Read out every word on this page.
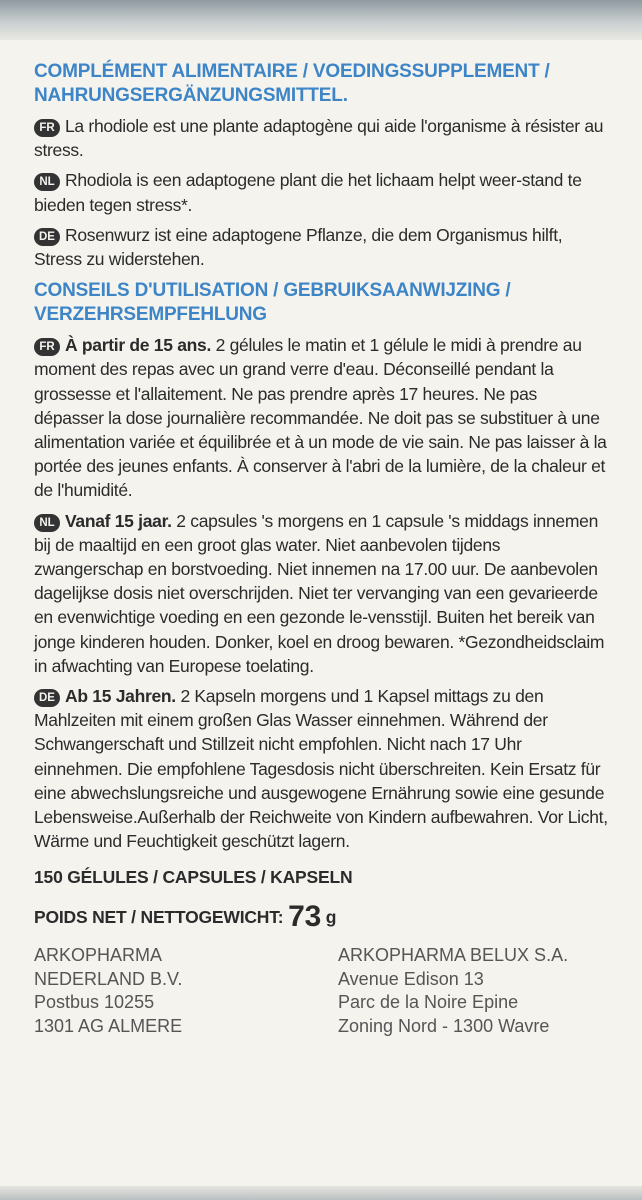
COMPLÉMENT ALIMENTAIRE / VOEDINGSSUPPLEMENT /
NAHRUNGSERGÄNZUNGSMITTEL.
FR La rhodiole est une plante adaptogène qui aide l'organisme à résister au stress.
NL Rhodiola is een adaptogene plant die het lichaam helpt weer-stand te bieden tegen stress*.
DE Rosenwurz ist eine adaptogene Pflanze, die dem Organismus hilft, Stress zu widerstehen.
CONSEILS D'UTILISATION / GEBRUIKSAANWIJZING /
VERZEHRSEMPFEHLUNG
FR À partir de 15 ans. 2 gélules le matin et 1 gélule le midi à prendre au moment des repas avec un grand verre d'eau. Déconseillé pendant la grossesse et l'allaitement. Ne pas prendre après 17 heures. Ne pas dépasser la dose journalière recommandée. Ne doit pas se substituer à une alimentation variée et équilibrée et à un mode de vie sain. Ne pas laisser à la portée des jeunes enfants. À conserver à l'abri de la lumière, de la chaleur et de l'humidité.
NL Vanaf 15 jaar. 2 capsules 's morgens en 1 capsule 's middags innemen bij de maaltijd en een groot glas water. Niet aanbevolen tijdens zwangerschap en borstvoeding. Niet innemen na 17.00 uur. De aanbevolen dagelijkse dosis niet overschrijden. Niet ter vervanging van een gevarieerde en evenwichtige voeding en een gezonde le-vensstijl. Buiten het bereik van jonge kinderen houden. Donker, koel en droog bewaren. *Gezondheidsclaim in afwachting van Europese toelating.
DE Ab 15 Jahren. 2 Kapseln morgens und 1 Kapsel mittags zu den Mahlzeiten mit einem großen Glas Wasser einnehmen. Während der Schwangerschaft und Stillzeit nicht empfohlen. Nicht nach 17 Uhr einnehmen. Die empfohlene Tagesdosis nicht überschreiten. Kein Ersatz für eine abwechslungsreiche und ausgewogene Ernährung sowie eine gesunde Lebensweise.Außerhalb der Reichweite von Kindern aufbewahren. Vor Licht, Wärme und Feuchtigkeit geschützt lagern.
150 GÉLULES / CAPSULES / KAPSELN
POIDS NET / NETTOGEWICHT: 73 g
ARKOPHARMA
NEDERLAND B.V.
Postbus 10255
1301 AG ALMERE
ARKOPHARMA BELUX S.A.
Avenue Edison 13
Parc de la Noire Epine
Zoning Nord - 1300 Wavre
